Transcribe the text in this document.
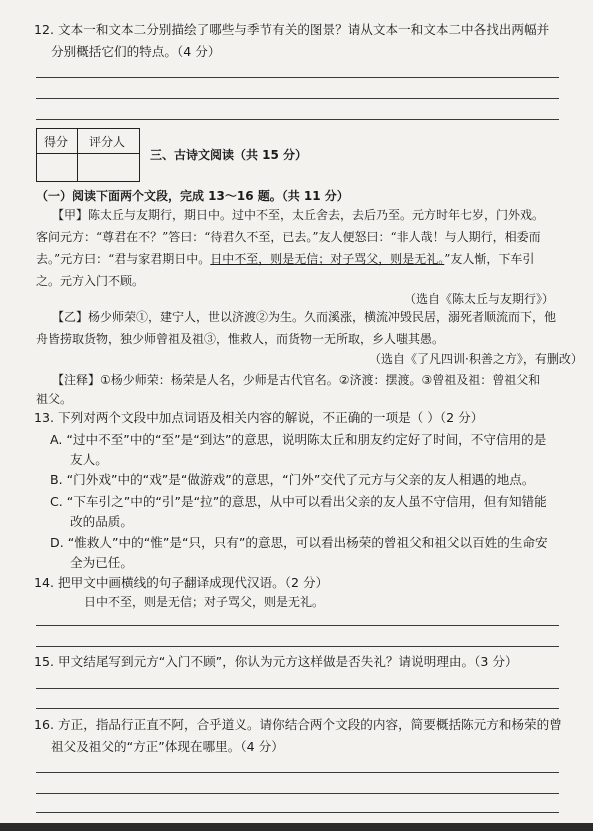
12. 文本一和文本二分别描绘了哪些与季节有关的图景？请从文本一和文本二中各找出两幅并
分别概括它们的特点。（4 分）
得分 评分人
三、古诗文阅读（共 15 分）
（一）阅读下面两个文段，完成 13～16 题。（共 11 分）
【甲】陈太丘与友期行，期日中。过中不至，太丘舍去，去后乃至。元方时年七岁，门外戏。
客问元方：“尊君在不？”答曰：“待君久不至，已去。”友人便怒曰：“非人哉！与人期行，相委而
去。”元方曰：“君与家君期日中。日中不至，则是无信；对子骂父，则是无礼。”友人惭，下车引
之。元方入门不顾。
（选自《陈太丘与友期行》）
【乙】杨少师荣①，建宁人，世以济渡②为生。久而溪涨，横流冲毁民居，溺死者顺流而下，他
舟皆捞取货物，独少师曾祖及祖③，惟救人，而货物一无所取，乡人嗤其愚。
（选自《了凡四训·积善之方》，有删改）
【注释】①杨少师荣：杨荣是人名，少师是古代官名。②济渡：摆渡。③曾祖及祖：曾祖父和
祖父。
13. 下列对两个文段中加点词语及相关内容的解说，不正确的一项是（ ）（2 分）
A. “过中不至”中的“至”是“到达”的意思，说明陈太丘和朋友约定好了时间，不守信用的是
友人。
B. “门外戏”中的“戏”是“做游戏”的意思，“门外”交代了元方与父亲的友人相遇的地点。
C. “下车引之”中的“引”是“拉”的意思，从中可以看出父亲的友人虽不守信用，但有知错能
改的品质。
D. “惟救人”中的“惟”是“只，只有”的意思，可以看出杨荣的曾祖父和祖父以百姓的生命安
全为已任。
14. 把甲文中画横线的句子翻译成现代汉语。（2 分）
日中不至，则是无信；对子骂父，则是无礼。
15. 甲文结尾写到元方“入门不顾”，你认为元方这样做是否失礼？请说明理由。（3 分）
16. 方正，指品行正直不阿，合乎道义。请你结合两个文段的内容，简要概括陈元方和杨荣的曾
祖父及祖父的“方正”体现在哪里。（4 分）
